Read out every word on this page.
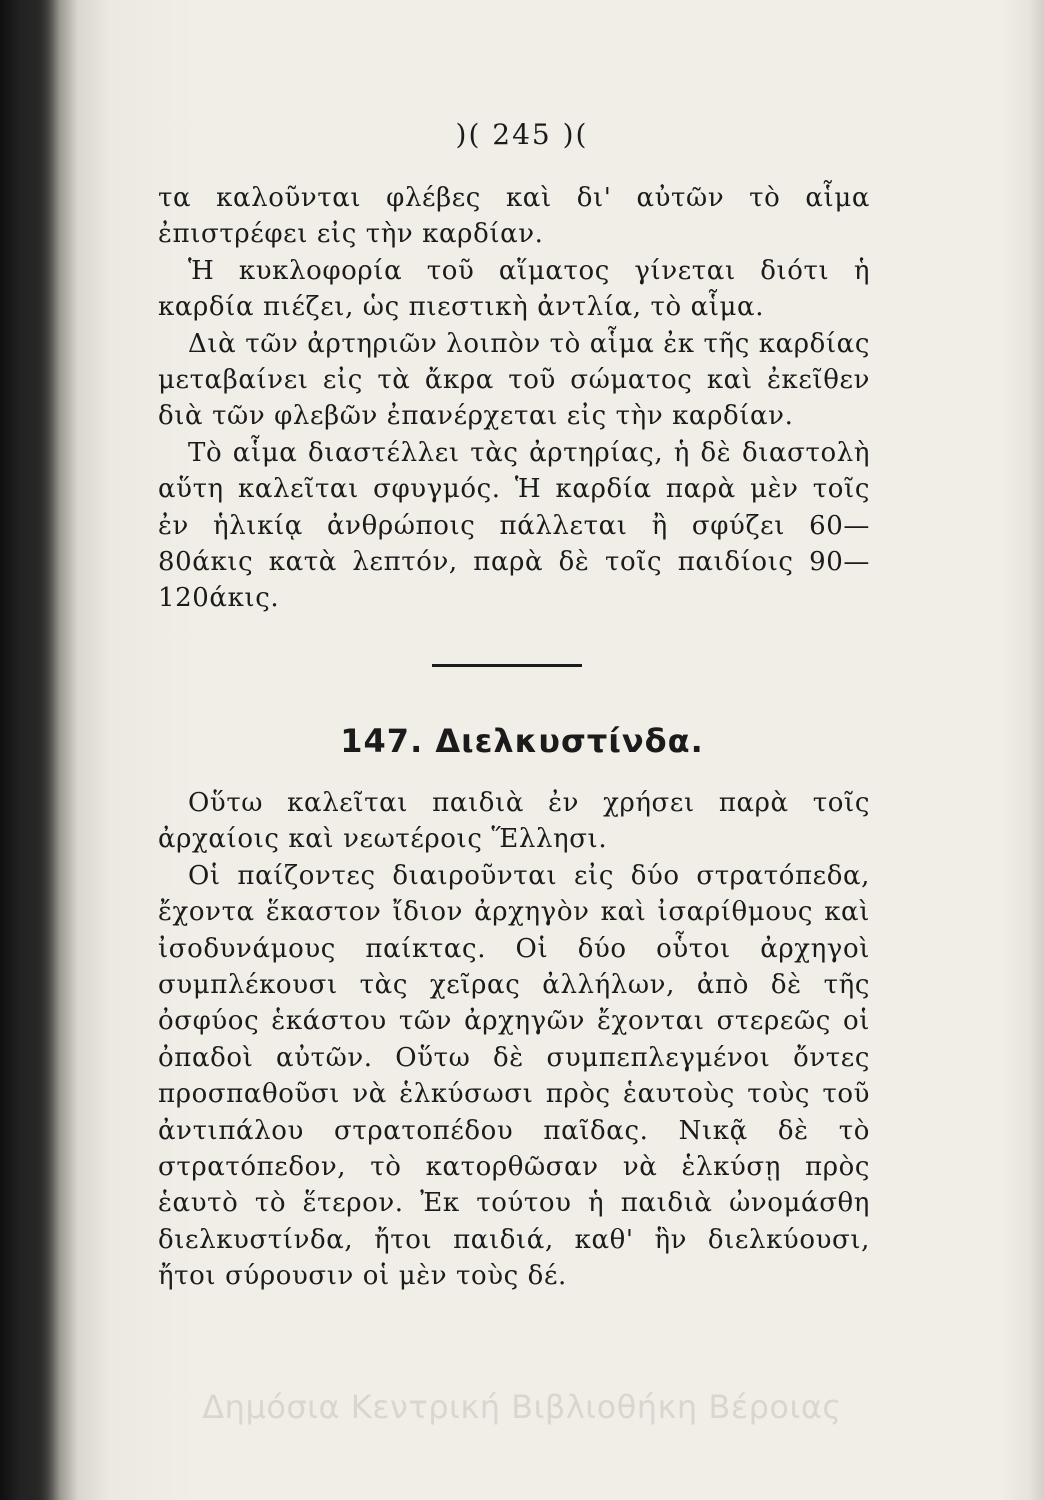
)( 245 )(

τα καλοῦνται φλέβες καὶ δι' αὐτῶν τὸ αἷμα ἐπιστρέφει εἰς τὴν καρδίαν.

Ἡ κυκλοφορία τοῦ αἵματος γίνεται διότι ἡ καρδία πιέζει, ὡς πιεστικὴ ἀντλία, τὸ αἷμα.

Διὰ τῶν ἀρτηριῶν λοιπὸν τὸ αἷμα ἐκ τῆς καρδίας μεταβαίνει εἰς τὰ ἄκρα τοῦ σώματος καὶ ἐκεῖθεν διὰ τῶν φλεβῶν ἐπανέρχεται εἰς τὴν καρδίαν.

Τὸ αἷμα διαστέλλει τὰς ἀρτηρίας, ἡ δὲ διαστολὴ αὕτη καλεῖται σφυγμός. Ἡ καρδία παρὰ μὲν τοῖς ἐν ἡλικίᾳ ἀνθρώποις πάλλεται ἢ σφύζει 60—80άκις κατὰ λεπτόν, παρὰ δὲ τοῖς παιδίοις 90—120άκις.

147. Διελκυστίνδα.

Οὕτω καλεῖται παιδιὰ ἐν χρήσει παρὰ τοῖς ἀρχαίοις καὶ νεωτέροις Ἕλλησι.

Οἱ παίζοντες διαιροῦνται εἰς δύο στρατόπεδα, ἔχοντα ἕκαστον ἴδιον ἀρχηγὸν καὶ ἰσαρίθμους καὶ ἰσοδυνάμους παίκτας. Οἱ δύο οὗτοι ἀρχηγοὶ συμπλέκουσι τὰς χεῖρας ἀλλήλων, ἀπὸ δὲ τῆς ὀσφύος ἑκάστου τῶν ἀρχηγῶν ἔχονται στερεῶς οἱ ὀπαδοὶ αὐτῶν. Οὕτω δὲ συμπεπλεγμένοι ὄντες προσπαθοῦσι νὰ ἑλκύσωσι πρὸς ἑαυτοὺς τοὺς τοῦ ἀντιπάλου στρατοπέδου παῖδας. Νικᾷ δὲ τὸ στρατόπεδον, τὸ κατορθῶσαν νὰ ἑλκύσῃ πρὸς ἑαυτὸ τὸ ἕτερον. Ἐκ τούτου ἡ παιδιὰ ὠνομάσθη διελκυστίνδα, ἤτοι παιδιά, καθ' ἣν διελκύουσι, ἤτοι σύρουσιν οἱ μὲν τοὺς δέ.

Δημόσια Κεντρική Βιβλιοθήκη Βέροιας
